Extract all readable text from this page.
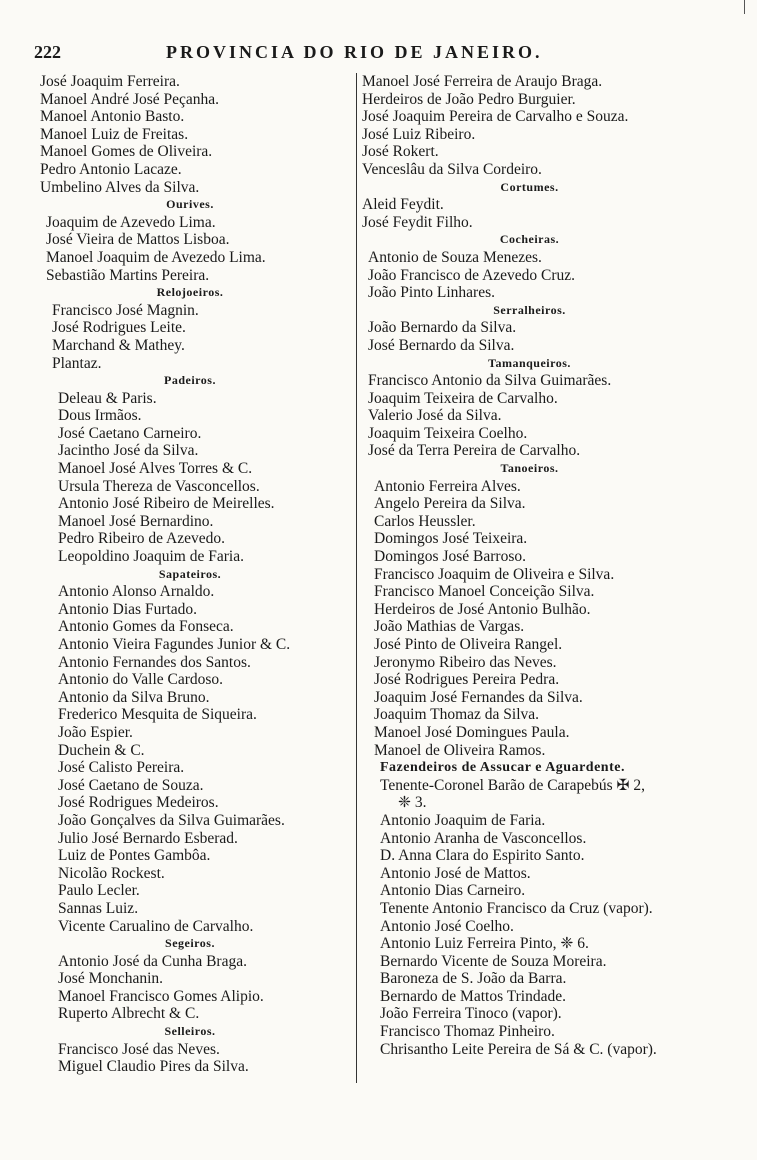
222	PROVINCIA DO RIO DE JANEIRO.
José Joaquim Ferreira.
Manoel André José Peçanha.
Manoel Antonio Basto.
Manoel Luiz de Freitas.
Manoel Gomes de Oliveira.
Pedro Antonio Lacaze.
Umbelino Alves da Silva.
Ourives.
Joaquim de Azevedo Lima.
José Vieira de Mattos Lisboa.
Manoel Joaquim de Avezedo Lima.
Sebastião Martins Pereira.
Relojoeiros.
Francisco José Magnin.
José Rodrigues Leite.
Marchand & Mathey.
Plantaz.
Padeiros.
Deleau & Paris.
Dous Irmãos.
José Caetano Carneiro.
Jacintho José da Silva.
Manoel José Alves Torres & C.
Ursula Thereza de Vasconcellos.
Antonio José Ribeiro de Meirelles.
Manoel José Bernardino.
Pedro Ribeiro de Azevedo.
Leopoldino Joaquim de Faria.
Sapateiros.
Antonio Alonso Arnaldo.
Antonio Dias Furtado.
Antonio Gomes da Fonseca.
Antonio Vieira Fagundes Junior & C.
Antonio Fernandes dos Santos.
Antonio do Valle Cardoso.
Antonio da Silva Bruno.
Frederico Mesquita de Siqueira.
João Espier.
Duchein & C.
José Calisto Pereira.
José Caetano de Souza.
José Rodrigues Medeiros.
João Gonçalves da Silva Guimarães.
Julio José Bernardo Esberad.
Luiz de Pontes Gambôa.
Nicolão Rockest.
Paulo Lecler.
Sannas Luiz.
Vicente Carualino de Carvalho.
Segeiros.
Antonio José da Cunha Braga.
José Monchanin.
Manoel Francisco Gomes Alipio.
Ruperto Albrecht & C.
Selleiros.
Francisco José das Neves.
Miguel Claudio Pires da Silva.
Manoel José Ferreira de Araujo Braga.
Herdeiros de João Pedro Burguier.
José Joaquim Pereira de Carvalho e Souza.
José Luiz Ribeiro.
José Rokert.
Venceslâu da Silva Cordeiro.
Cortumes.
Aleid Feydit.
José Feydit Filho.
Cocheiras.
Antonio de Souza Menezes.
João Francisco de Azevedo Cruz.
João Pinto Linhares.
Serralheiros.
João Bernardo da Silva.
José Bernardo da Silva.
Tamanqueiros.
Francisco Antonio da Silva Guimarães.
Joaquim Teixeira de Carvalho.
Valerio José da Silva.
Joaquim Teixeira Coelho.
José da Terra Pereira de Carvalho.
Tanoeiros.
Antonio Ferreira Alves.
Angelo Pereira da Silva.
Carlos Heussler.
Domingos José Teixeira.
Domingos José Barroso.
Francisco Joaquim de Oliveira e Silva.
Francisco Manoel Conceição Silva.
Herdeiros de José Antonio Bulhão.
João Mathias de Vargas.
José Pinto de Oliveira Rangel.
Jeronymo Ribeiro das Neves.
José Rodrigues Pereira Pedra.
Joaquim José Fernandes da Silva.
Joaquim Thomaz da Silva.
Manoel José Domingues Paula.
Manoel de Oliveira Ramos.
Fazendeiros de Assucar e Aguardente.
Tenente-Coronel Barão de Carapebús ✠ 2,
❈ 3.
Antonio Joaquim de Faria.
Antonio Aranha de Vasconcellos.
D. Anna Clara do Espirito Santo.
Antonio José de Mattos.
Antonio Dias Carneiro.
Tenente Antonio Francisco da Cruz (vapor).
Antonio José Coelho.
Antonio Luiz Ferreira Pinto, ❈ 6.
Bernardo Vicente de Souza Moreira.
Baroneza de S. João da Barra.
Bernardo de Mattos Trindade.
João Ferreira Tinoco (vapor).
Francisco Thomaz Pinheiro.
Chrisantho Leite Pereira de Sá & C. (vapor).
